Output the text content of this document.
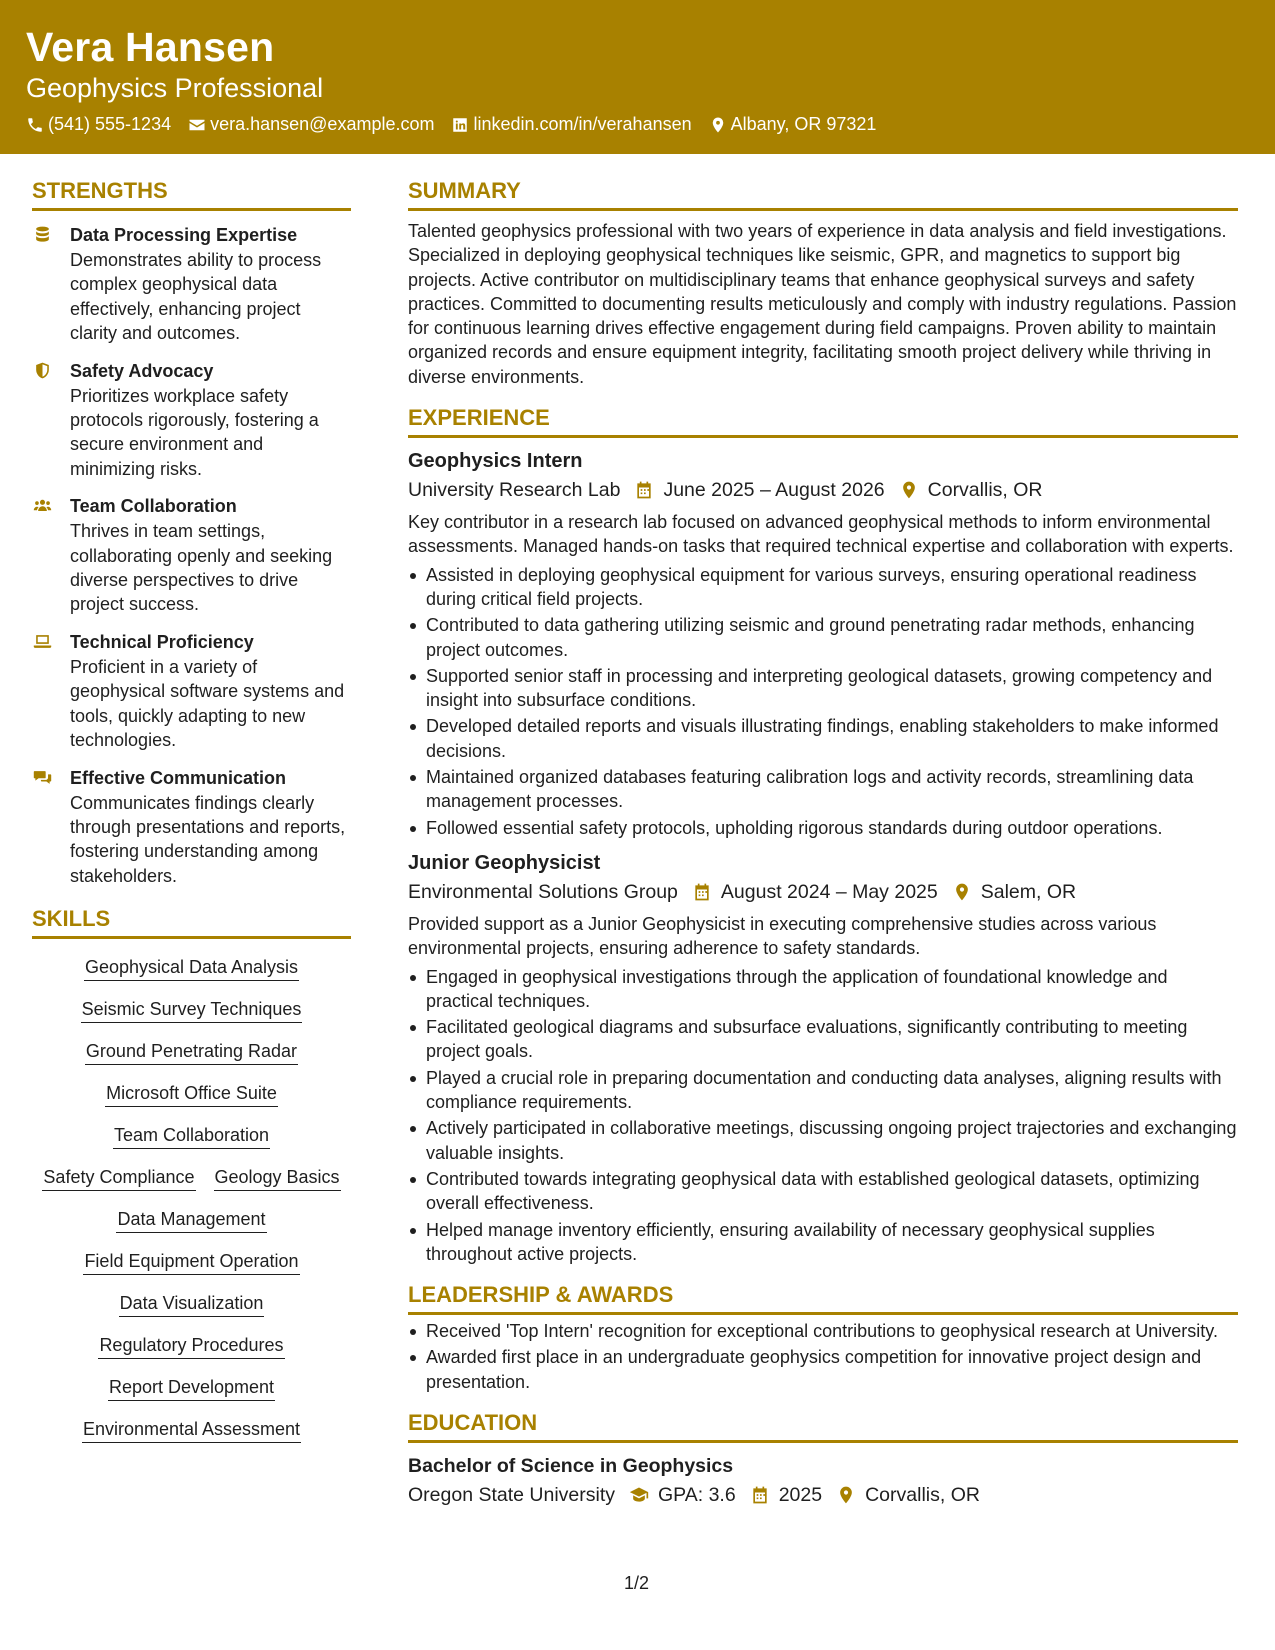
Vera Hansen
Geophysics Professional
(541) 555-1234 vera.hansen@example.com linkedin.com/in/verahansen Albany, OR 97321
STRENGTHS
Data Processing Expertise
Demonstrates ability to process complex geophysical data effectively, enhancing project clarity and outcomes.
Safety Advocacy
Prioritizes workplace safety protocols rigorously, fostering a secure environment and minimizing risks.
Team Collaboration
Thrives in team settings, collaborating openly and seeking diverse perspectives to drive project success.
Technical Proficiency
Proficient in a variety of geophysical software systems and tools, quickly adapting to new technologies.
Effective Communication
Communicates findings clearly through presentations and reports, fostering understanding among stakeholders.
SKILLS
Geophysical Data Analysis
Seismic Survey Techniques
Ground Penetrating Radar
Microsoft Office Suite
Team Collaboration
Safety Compliance Geology Basics
Data Management
Field Equipment Operation
Data Visualization
Regulatory Procedures
Report Development
Environmental Assessment
SUMMARY
Talented geophysics professional with two years of experience in data analysis and field investigations. Specialized in deploying geophysical techniques like seismic, GPR, and magnetics to support big projects. Active contributor on multidisciplinary teams that enhance geophysical surveys and safety practices. Committed to documenting results meticulously and comply with industry regulations. Passion for continuous learning drives effective engagement during field campaigns. Proven ability to maintain organized records and ensure equipment integrity, facilitating smooth project delivery while thriving in diverse environments.
EXPERIENCE
Geophysics Intern
University Research Lab June 2025 – August 2026 Corvallis, OR
Key contributor in a research lab focused on advanced geophysical methods to inform environmental assessments. Managed hands-on tasks that required technical expertise and collaboration with experts.
Assisted in deploying geophysical equipment for various surveys, ensuring operational readiness during critical field projects.
Contributed to data gathering utilizing seismic and ground penetrating radar methods, enhancing project outcomes.
Supported senior staff in processing and interpreting geological datasets, growing competency and insight into subsurface conditions.
Developed detailed reports and visuals illustrating findings, enabling stakeholders to make informed decisions.
Maintained organized databases featuring calibration logs and activity records, streamlining data management processes.
Followed essential safety protocols, upholding rigorous standards during outdoor operations.
Junior Geophysicist
Environmental Solutions Group August 2024 – May 2025 Salem, OR
Provided support as a Junior Geophysicist in executing comprehensive studies across various environmental projects, ensuring adherence to safety standards.
Engaged in geophysical investigations through the application of foundational knowledge and practical techniques.
Facilitated geological diagrams and subsurface evaluations, significantly contributing to meeting project goals.
Played a crucial role in preparing documentation and conducting data analyses, aligning results with compliance requirements.
Actively participated in collaborative meetings, discussing ongoing project trajectories and exchanging valuable insights.
Contributed towards integrating geophysical data with established geological datasets, optimizing overall effectiveness.
Helped manage inventory efficiently, ensuring availability of necessary geophysical supplies throughout active projects.
LEADERSHIP & AWARDS
Received 'Top Intern' recognition for exceptional contributions to geophysical research at University.
Awarded first place in an undergraduate geophysics competition for innovative project design and presentation.
EDUCATION
Bachelor of Science in Geophysics
Oregon State University GPA: 3.6 2025 Corvallis, OR
1/2
